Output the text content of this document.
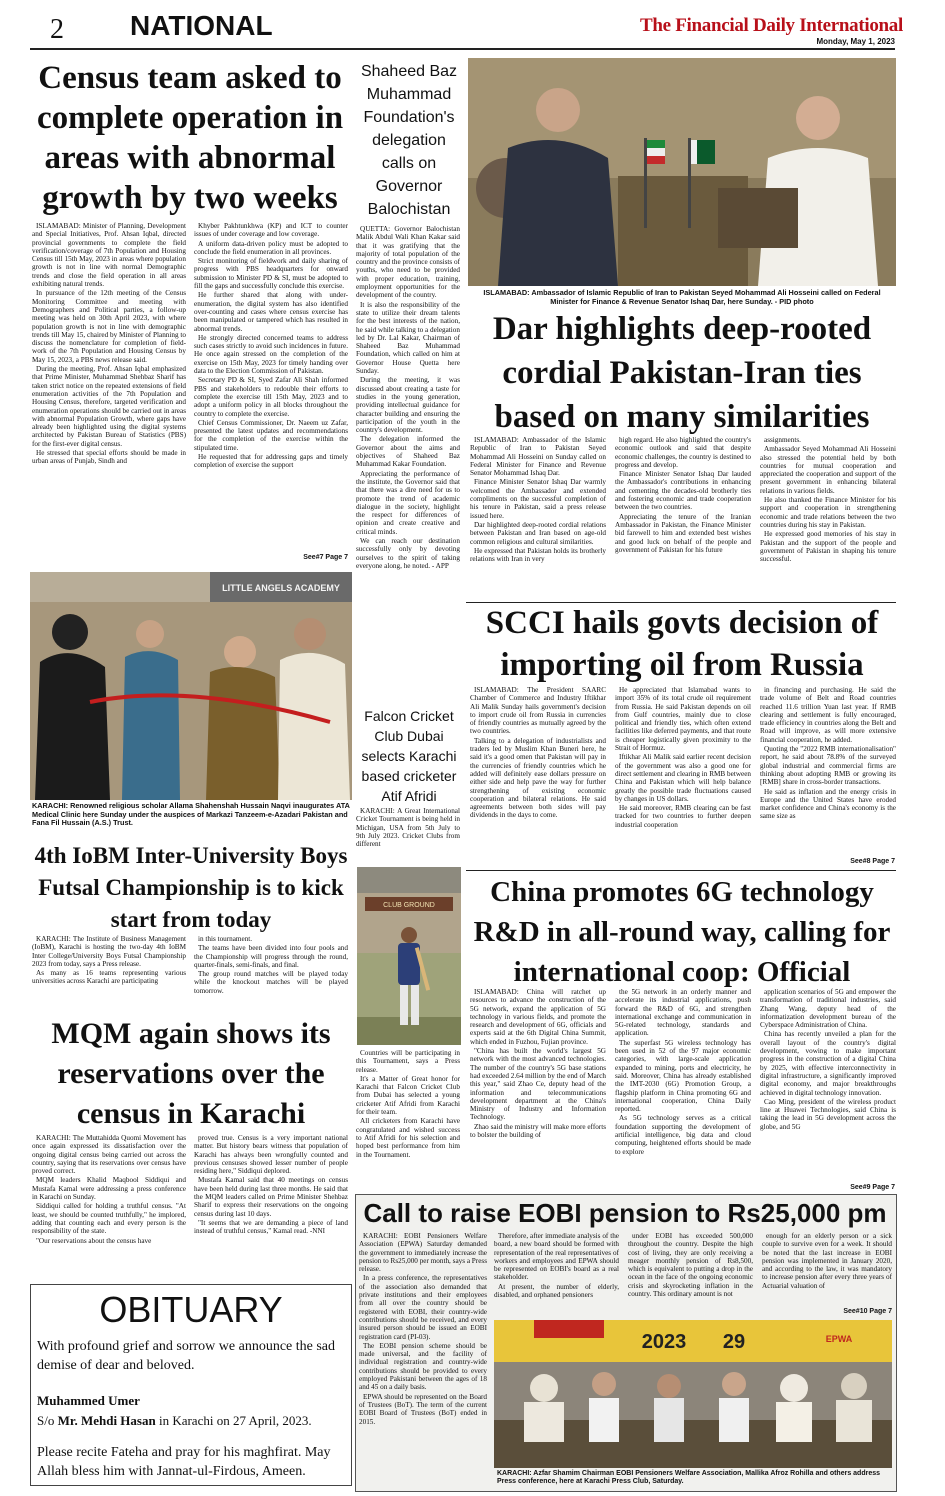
2 NATIONAL	The Financial Daily International
Monday, May 1, 2023
Census team asked to complete operation in areas with abnormal growth by two weeks

ISLAMABAD: Minister of Planning, Development and Special Initiatives, Prof. Ahsan Iqbal, directed provincial governments to complete the field verification/coverage of 7th Population and Housing Census till 15th May, 2023 in areas where population growth is not in line with normal Demographic trends and close the field operation in all areas exhibiting natural trends.

In pursuance of the 12th meeting of the Census Monitoring Committee and meeting with Demographers and Political parties, a follow-up meeting was held on 30th April 2023, with where population growth is not in line with demographic trends till May 15, chaired by Minister of Planning to discuss the nomenclature for completion of field-work of the 7th Population and Housing Census by May 15, 2023, a PBS news release said.

During the meeting, Prof. Ahsan Iqbal emphasized that Prime Minister, Muhammad Shehbaz Sharif has taken strict notice on the repeated extensions of field enumeration activities of the 7th Population and Housing Census, therefore, targeted verification and enumeration operations should be carried out in areas with abnormal Population Growth, where gaps have already been highlighted using the digital systems architected by Pakistan Bureau of Statistics (PBS) for the first-ever digital census.

He stressed that special efforts should be made in urban areas of Punjab, Sindh and

Khyber Pakhtunkhwa (KP) and ICT to counter issues of under coverage and low coverage.

A uniform data-driven policy must be adopted to conclude the field enumeration in all provinces.

Strict monitoring of fieldwork and daily sharing of progress with PBS headquarters for onward submission to Minister PD & SI, must be adopted to fill the gaps and successfully conclude this exercise.

He further shared that along with under-enumeration, the digital system has also identified over-counting and cases where census exercise has been manipulated or tampered which has resulted in abnormal trends.

He strongly directed concerned teams to address such cases strictly to avoid such incidences in future. He once again stressed on the completion of the exercise on 15th May, 2023 for timely handing over data to the Election Commission of Pakistan.

Secretary PD & SI, Syed Zafar Ali Shah informed PBS and stakeholders to redouble their efforts to complete the exercise till 15th May, 2023 and to adopt a uniform policy in all blocks throughout the country to complete the exercise.

Chief Census Commissioner, Dr. Naeem uz Zafar, presented the latest updates and recommendations for the completion of the exercise within the stipulated time.

He requested that for addressing gaps and timely completion of exercise the support

See#7 Page 7
Shaheed Baz Muhammad Foundation's delegation calls on Governor Balochistan

QUETTA: Governor Balochistan Malik Abdul Wali Khan Kakar said that it was gratifying that the majority of total population of the country and the province consists of youths, who need to be provided with proper education, training, employment opportunities for the development of the country.

It is also the responsibility of the state to utilize their dream talents for the best interests of the nation, he said while talking to a delegation led by Dr. Lal Kakar, Chairman of Shaheed Baz Muhammad Foundation, which called on him at Governor House Quetta here Sunday.

During the meeting, it was discussed about creating a taste for studies in the young generation, providing intellectual guidance for character building and ensuring the participation of the youth in the country's development.

The delegation informed the Governor about the aims and objectives of Shaheed Baz Muhammad Kakar Foundation.

Appreciating the performance of the institute, the Governor said that that there was a dire need for us to promote the trend of academic dialogue in the society, highlight the respect for differences of opinion and create creative and critical minds.

We can reach our destination successfully only by devoting ourselves to the spirit of taking everyone along, he noted. - APP

Falcon Cricket Club Dubai selects Karachi based cricketer Atif Afridi

KARACHI: A Great International Cricket Tournament is being held in Michigan, USA from 5th July to 9th July 2023. Cricket Clubs from different

CLUB GROUND

Countries will be participating in this Tournament, says a Press release.

It's a Matter of Great honor for Karachi that Falcon Cricket Club from Dubai has selected a young cricketer Atif Afridi from Karachi for their team.

All cricketers from Karachi have congratulated and wished success to Atif Afridi for his selection and hoped best performance from him in the Tournament.

ISLAMABAD: Ambassador of Islamic Republic of Iran to Pakistan Seyed Mohammad Ali Hosseini called on Federal Minister for Finance & Revenue Senator Ishaq Dar, here Sunday. - PID photo
Dar highlights deep-rooted cordial Pakistan-Iran ties based on many similarities

ISLAMABAD: Ambassador of the Islamic Republic of Iran to Pakistan Seyed Mohammad Ali Hosseini on Sunday called on Federal Minister for Finance and Revenue Senator Mohammad Ishaq Dar.

Finance Minister Senator Ishaq Dar warmly welcomed the Ambassador and extended compliments on the successful completion of his tenure in Pakistan, said a press release issued here.

Dar highlighted deep-rooted cordial relations between Pakistan and Iran based on age-old common religious and cultural similarities.

He expressed that Pakistan holds its brotherly relations with Iran in very

high regard. He also highlighted the country's economic outlook and said that despite economic challenges, the country is destined to progress and develop.

Finance Minister Senator Ishaq Dar lauded the Ambassador's contributions in enhancing and cementing the decades-old brotherly ties and fostering economic and trade cooperation between the two countries.

Appreciating the tenure of the Iranian Ambassador in Pakistan, the Finance Minister bid farewell to him and extended best wishes and good luck on behalf of the people and government of Pakistan for his future

assignments.

Ambassador Seyed Mohammad Ali Hosseini also stressed the potential held by both countries for mutual cooperation and appreciated the cooperation and support of the present government in enhancing bilateral relations in various fields.

He also thanked the Finance Minister for his support and cooperation in strengthening economic and trade relations between the two countries during his stay in Pakistan.

He expressed good memories of his stay in Pakistan and the support of the people and government of Pakistan in shaping his tenure successful.

LITTLE ANGELS ACADEMY
KARACHI: Renowned religious scholar Allama Shahenshah Hussain Naqvi inaugurates ATA Medical Clinic here Sunday under the auspices of Markazi Tanzeem-e-Azadari Pakistan and Fana Fil Hussain (A.S.) Trust.
4th IoBM Inter-University Boys Futsal Championship is to kick start from today

KARACHI: The Institute of Business Management (IoBM), Karachi is hosting the two-day 4th IoBM Inter College/University Boys Futsal Championship 2023 from today, says a Press release.

As many as 16 teams representing various universities across Karachi are participating

in this tournament.

The teams have been divided into four pools and the Championship will progress through the round, quarter-finals, semi-finals, and final.

The group round matches will be played today while the knockout matches will be played tomorrow.

SCCI hails govts decision of importing oil from Russia

ISLAMABAD: The President SAARC Chamber of Commerce and Industry Iftikhar Ali Malik Sunday hails government's decision to import crude oil from Russia in currencies of friendly countries as mutually agreed by the two countries.

Talking to a delegation of industrialists and traders led by Muslim Khan Buneri here, he said it's a good omen that Pakistan will pay in the currencies of friendly countries which he added will definitely ease dollars pressure on either side and help pave the way for further strengthening of existing economic cooperation and bilateral relations. He said agreements between both sides will pay dividends in the days to come.

He appreciated that Islamabad wants to import 35% of its total crude oil requirement from Russia. He said Pakistan depends on oil from Gulf countries, mainly due to close political and friendly ties, which often extend facilities like deferred payments, and that route is cheaper logistically given proximity to the Strait of Hormuz.

Iftikhar Ali Malik said earlier recent decision of the government was also a good one for direct settlement and clearing in RMB between China and Pakistan which will help balance greatly the possible trade fluctuations caused by changes in US dollars.

He said moreover, RMB clearing can be fast tracked for two countries to further deepen industrial cooperation

in financing and purchasing. He said the trade volume of Belt and Road countries reached 11.6 trillion Yuan last year. If RMB clearing and settlement is fully encouraged, trade efficiency in countries along the Belt and Road will improve, as will more extensive financial cooperation, he added.

Quoting the "2022 RMB internationalisation" report, he said about 78.8% of the surveyed global industrial and commercial firms are thinking about adopting RMB or growing its [RMB] share in cross-border transactions.

He said as inflation and the energy crisis in Europe and the United States have eroded market confidence and China's economy is the same size as

See#8 Page 7
China promotes 6G technology R&D in all-round way, calling for international coop: Official

ISLAMABAD: China will ratchet up resources to advance the construction of the 5G network, expand the application of 5G technology in various fields, and promote the research and development of 6G, officials and experts said at the 6th Digital China Summit, which ended in Fuzhou, Fujian province.

"China has built the world's largest 5G network with the most advanced technologies. The number of the country's 5G base stations had exceeded 2.64 million by the end of March this year," said Zhao Ce, deputy head of the information and telecommunications development department at the China's Ministry of Industry and Information Technology.

Zhao said the ministry will make more efforts to bolster the building of

the 5G network in an orderly manner and accelerate its industrial applications, push forward the R&D of 6G, and strengthen international exchange and communication in 5G-related technology, standards and application.

The superfast 5G wireless technology has been used in 52 of the 97 major economic categories, with large-scale application expanded to mining, ports and electricity, he said. Moreover, China has already established the IMT-2030 (6G) Promotion Group, a flagship platform in China promoting 6G and international cooperation, China Daily reported.

As 5G technology serves as a critical foundation supporting the development of artificial intelligence, big data and cloud computing, heightened efforts should be made to explore

application scenarios of 5G and empower the transformation of traditional industries, said Zhang Wang, deputy head of the informatization development bureau of the Cyberspace Administration of China.

China has recently unveiled a plan for the overall layout of the country's digital development, vowing to make important progress in the construction of a digital China by 2025, with effective interconnectivity in digital infrastructure, a significantly improved digital economy, and major breakthroughs achieved in digital technology innovation.

Cao Ming, president of the wireless product line at Huawei Technologies, said China is taking the lead in 5G development across the globe, and 5G

See#9 Page 7
MQM again shows its reservations over the census in Karachi

KARACHI: The Muttahidda Quomi Movement has once again expressed its dissatisfaction over the ongoing digital census being carried out across the country, saying that its reservations over census have proved correct.

MQM leaders Khalid Maqbool Siddiqui and Mustafa Kamal were addressing a press conference in Karachi on Sunday.

Siddiqui called for holding a truthful census. "At least, we should be counted truthfully," he implored, adding that counting each and every person is the responsibility of the state.

"Our reservations about the census have

proved true. Census is a very important national matter. But history bears witness that population of Karachi has always been wrongfully counted and previous censuses showed lesser number of people residing here," Siddiqui deplored.

Mustafa Kamal said that 40 meetings on census have been held during last three months. He said that the MQM leaders called on Prime Minister Shehbaz Sharif to express their reservations on the ongoing census during last 10 days.

"It seems that we are demanding a piece of land instead of truthful census," Kamal read. -NNI

OBITUARY
With profound grief and sorrow we announce the sad demise of dear and beloved.
Muhammed Umer
S/o Mr. Mehdi Hasan in Karachi on 27 April, 2023.
Please recite Fateha and pray for his maghfirat. May Allah bless him with Jannat-ul-Firdous, Ameen.
Call to raise EOBI pension to Rs25,000 pm

KARACHI: EOBI Pensioners Welfare Association (EPWA) Saturday demanded the government to immediately increase the pension to Rs25,000 per month, says a Press release.

In a press conference, the representatives of the association also demanded that private institutions and their employees from all over the country should be registered with EOBI, their country-wide contributions should be received, and every insured person should be issued an EOBI registration card (PI-03).

The EOBI pension scheme should be made universal, and the facility of individual registration and country-wide contributions should be provided to every employed Pakistani between the ages of 18 and 45 on a daily basis.

EPWA should be represented on the Board of Trustees (BoT). The term of the current EOBI Board of Trustees (BoT) ended in 2015.

Therefore, after immediate analysis of the board, a new board should be formed with representation of the real representatives of workers and employees and EPWA should be represented on EOBI's board as a real stakeholder.

At present, the number of elderly, disabled, and orphaned pensioners

under EOBI has exceeded 500,000 throughout the country. Despite the high cost of living, they are only receiving a meager monthly pension of Rs8,500, which is equivalent to putting a drop in the ocean in the face of the ongoing economic crisis and skyrocketing inflation in the country. This ordinary amount is not

enough for an elderly person or a sick couple to survive even for a week. It should be noted that the last increase in EOBI pension was implemented in January 2020, and according to the law, it was mandatory to increase pension after every three years of Actuarial valuation of

See#10 Page 7
2023 29	EPWA
KARACHI: Azfar Shamim Chairman EOBI Pensioners Welfare Association, Mallika Afroz Rohilla and others address Press conference, here at Karachi Press Club, Saturday.
